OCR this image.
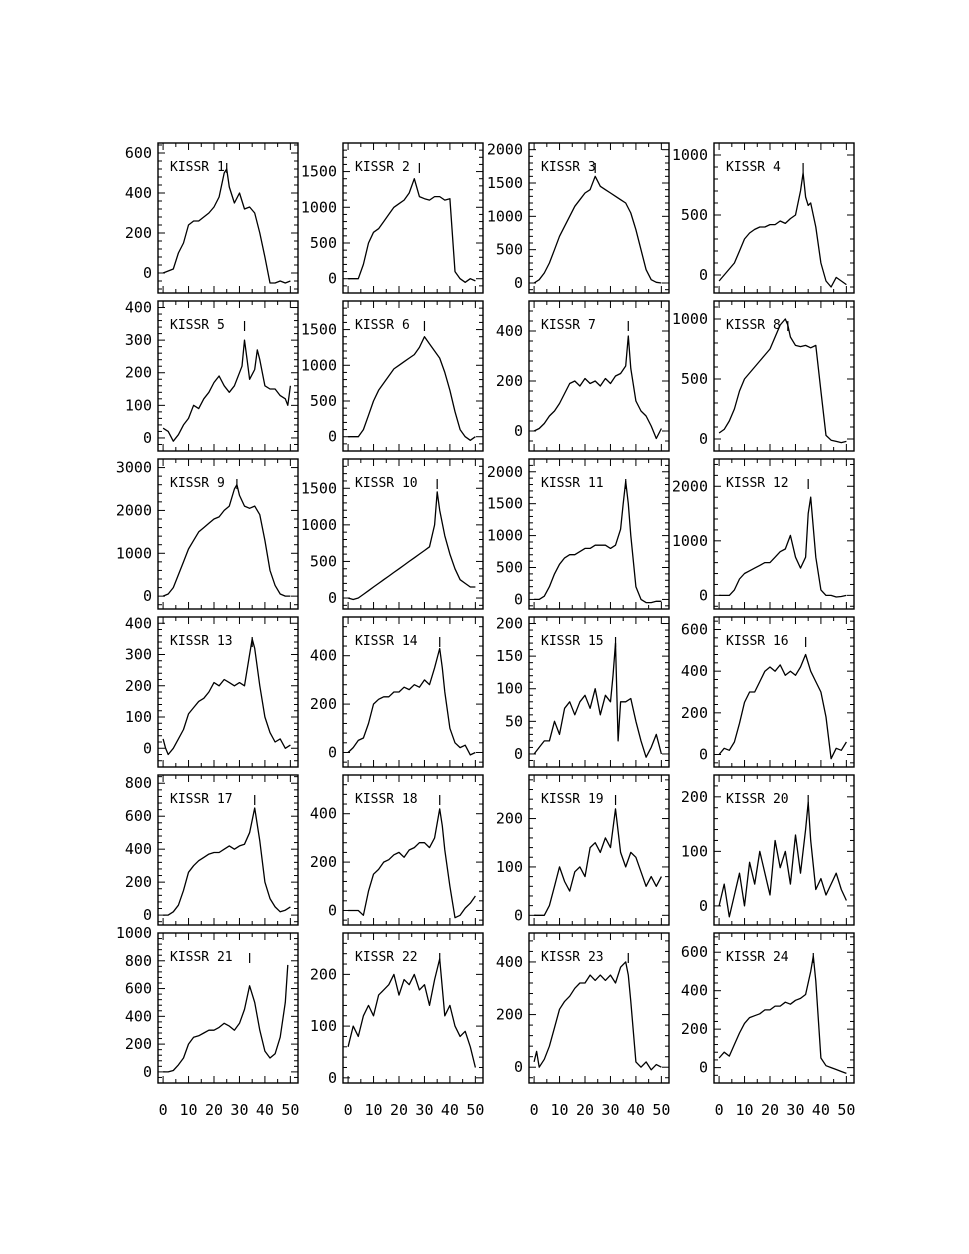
0
200
400
600
KISSR 1
0
500
1000
1500 KISSR 2
0
500
1000
1500
2000
KISSR 3
0
500
1000
KISSR 4
0
100
200
300
400
KISSR 5
0
500
1000
1500 KISSR 6
0
200
400 KISSR 7
0
500
1000 KISSR 8
0
1000
2000
3000
KISSR 9
0
500
1000
1500 KISSR 10
0
500
1000
1500
2000
KISSR 11
0
1000
2000 KISSR 12
0
100
200
300
400
KISSR 13
0
200
400
KISSR 14
0
50
100
150
200
KISSR 15
0
200
400
600
KISSR 16
0
200
400
600
800
KISSR 17
0
200
400
KISSR 18
0
100
200
KISSR 19
0
100
200 KISSR 20
0
200
400
600
800
1000
0 10 20 30 40 50
KISSR 21
0
100
200
0 10 20 30 40 50
KISSR 22
0
200
400
0 10 20 30 40 50
KISSR 23
0
200
400
600
0 10 20 30 40 50
KISSR 24
